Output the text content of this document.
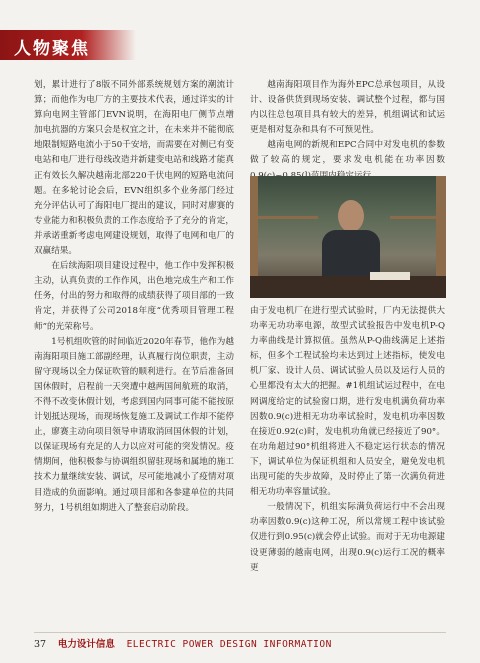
人物聚焦

划，累计进行了8版不同外部系统规划方案的潮流计算；而他作为电厂方的主要技术代表，通过详实的计算向电网主管部门EVN说明，在海阳电厂侧节点增加电抗器的方案只会是权宜之计，在未来并不能彻底地限制短路电流小于50千安培，而需要在对侧已有变电站和电厂进行母线改造并新建变电站和线路才能真正有效长久解决越南北部220千伏电网的短路电流问题。在多轮讨论会后，EVN组织多个业务部门经过充分评估认可了海阳电厂提出的建议，同时对廖赛的专业能力和积极负责的工作态度给予了充分的肯定，并承诺重新考虑电网建设规划，取得了电网和电厂的双赢结果。

在后续海阳项目建设过程中，他工作中发挥积极主动，认真负责的工作作风，出色地完成生产和工作任务，付出的努力和取得的成绩获得了项目部的一致肯定，并获得了公司2018年度“优秀项目管理工程师”的光荣称号。

1号机组吹管的时间临近2020年春节，他作为越南海阳项目施工部副经理，认真履行岗位职责，主动留守现场以全力保证吹管的顺利进行。在节后准备回国休假时，启程前一天突遭中越两国间航班的取消，不得不改变休假计划，考虑到国内同事可能不能按原计划抵达现场，而现场恢复施工及调试工作却不能停止，廖赛主动向项目领导申请取消回国休假的计划，以保证现场有充足的人力以应对可能的突发情况。疫情期间，他积极参与协调组织留驻现场和属地的施工技术力量继续安装、调试，尽可能地减小了疫情对项目造成的负面影响。通过项目部和各参建单位的共同努力，1号机组如期进入了整套启动阶段。

越南海阳项目作为海外EPC总承包项目，从设计、设备供货到现场安装、调试整个过程，都与国内以往总包项目具有较大的差异，机组调试和试运更是相对复杂和具有不可预见性。

越南电网的新规和EPC合同中对发电机的参数做了较高的规定，要求发电机能在功率因数

由于发电机厂在进行型式试验时，厂内无法提供大功率无功功率电源，故型式试验报告中发电机P-Q力率曲线是计算拟值。虽然从P-Q曲线满足上述指标，但多个工程试验均未达到过上述指标，使发电机厂家、设计人员、调试试验人员以及运行人员的心里都没有太大的把握。#1机组试运过程中，在电网调度给定的试验窗口期，进行发电机满负荷功率因数0.9(c)进相无功功率试验时，发电机功率因数在接近0.92(c)时，发电机功角就已经接近了90°。在功角超过90°机组将进入不稳定运行状态的情况下，调试单位为保证机组和人员安全，避免发电机出现可能的失步故障，及时停止了第一次满负荷进相无功功率容量试验。

一般情况下，机组实际满负荷运行中不会出现功率因数0.9(c)这种工况，所以常规工程中该试验仅进行到0.95(c)就会停止试验。而对于无功电源建设更薄弱的越南电网，出现0.9(c)运行工况的概率更

37 电力设计信息 ELECTRIC POWER DESIGN INFORMATION
